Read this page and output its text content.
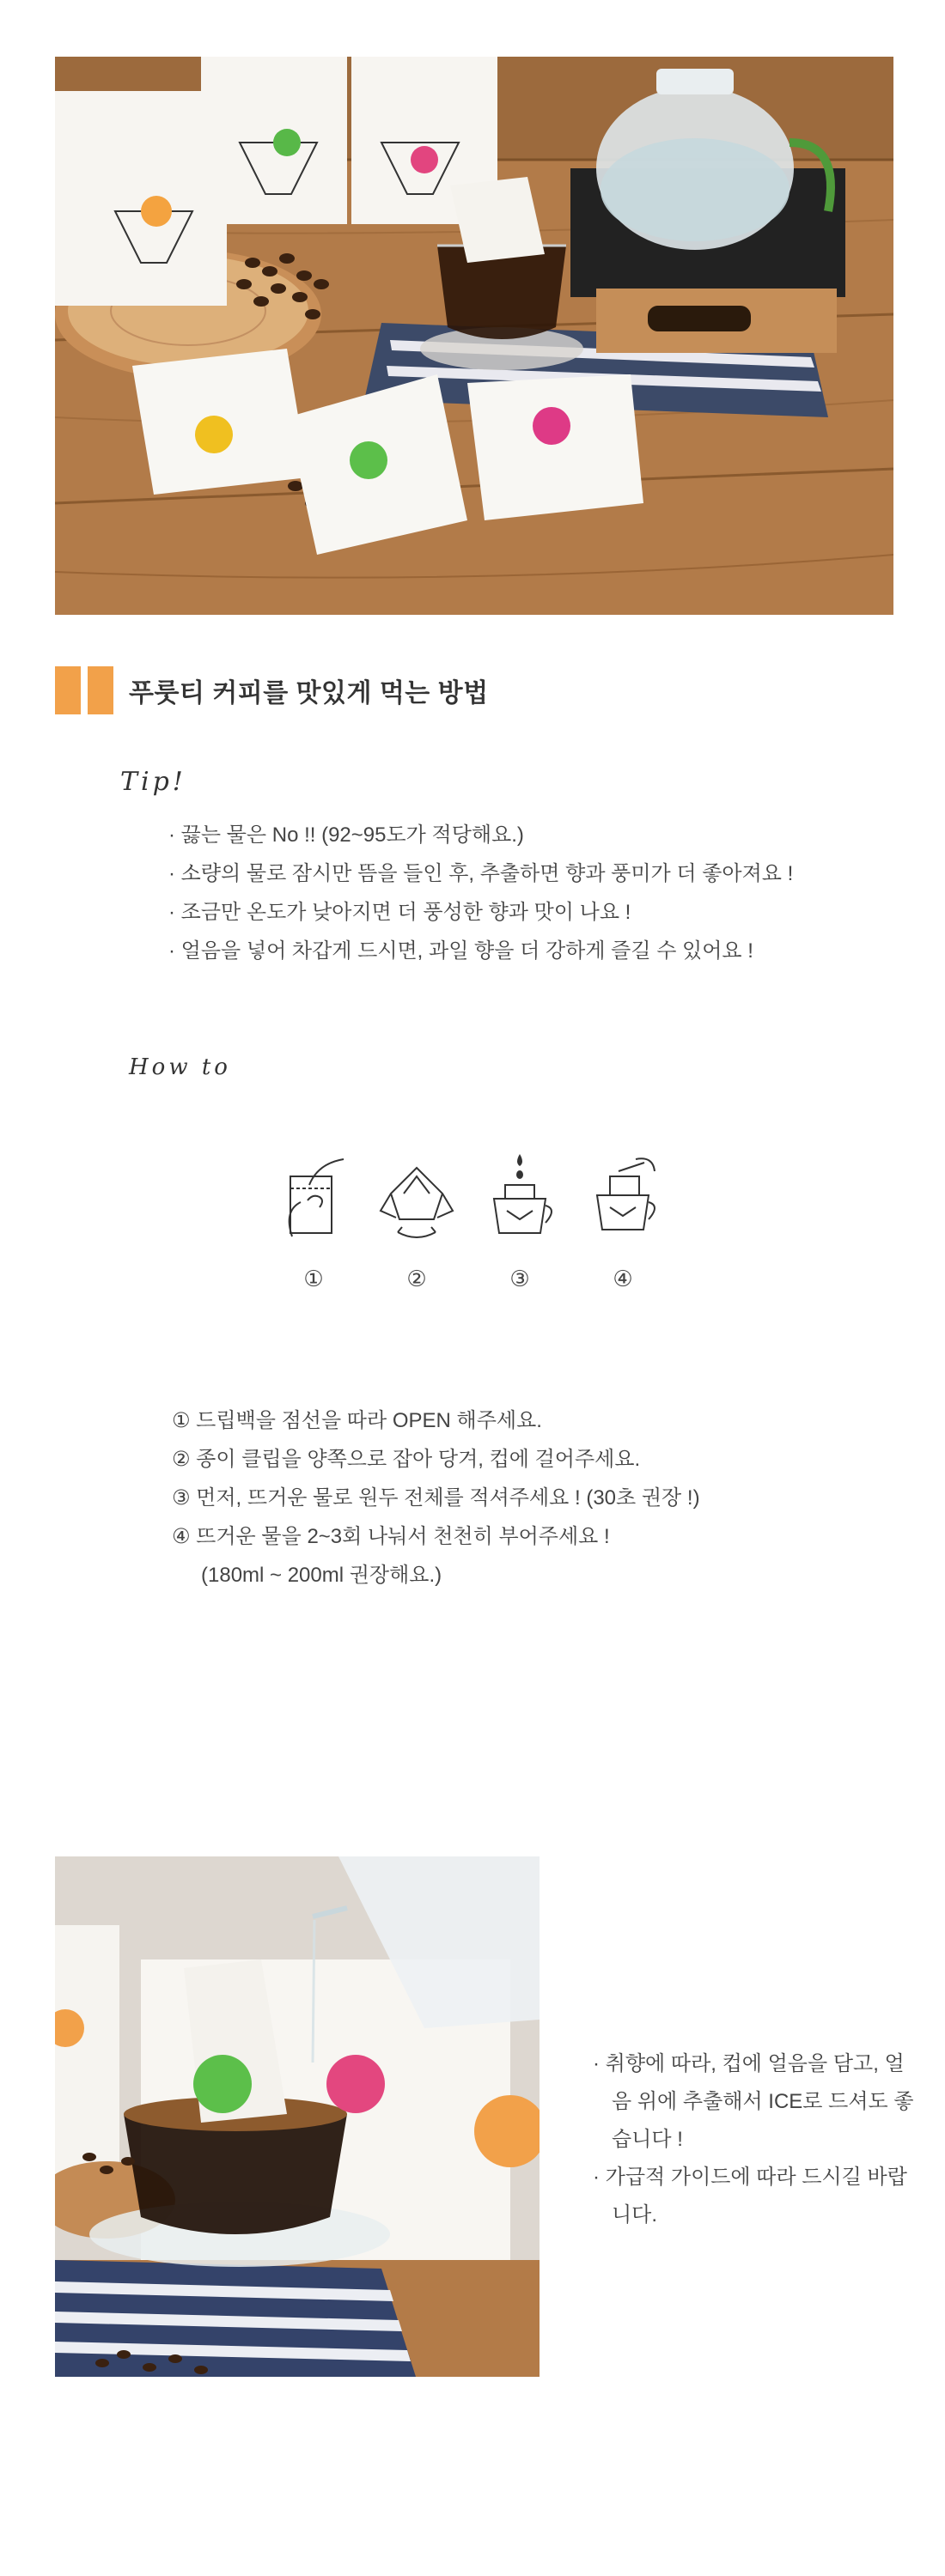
푸룻티 커피를 맛있게 먹는 방법
Tip!
· 끓는 물은 No !! (92~95도가 적당해요.)
· 소량의 물로 잠시만 뜸을 들인 후, 추출하면 향과 풍미가 더 좋아져요 !
· 조금만 온도가 낮아지면 더 풍성한 향과 맛이 나요 !
· 얼음을 넣어 차갑게 드시면, 과일 향을 더 강하게 즐길 수 있어요 !
How to
①	②	③	④
① 드립백을 점선을 따라 OPEN 해주세요.
② 종이 클립을 양쪽으로 잡아 당겨, 컵에 걸어주세요.
③ 먼저, 뜨거운 물로 원두 전체를 적셔주세요 ! (30초 권장 !)
④ 뜨거운 물을 2~3회 나눠서 천천히 부어주세요 !
(180ml ~ 200ml 권장해요.)
· 취향에 따라, 컵에 얼음을 담고, 얼음 위에 추출해서 ICE로 드셔도 좋습니다 !
· 가급적 가이드에 따라 드시길 바랍니다.
